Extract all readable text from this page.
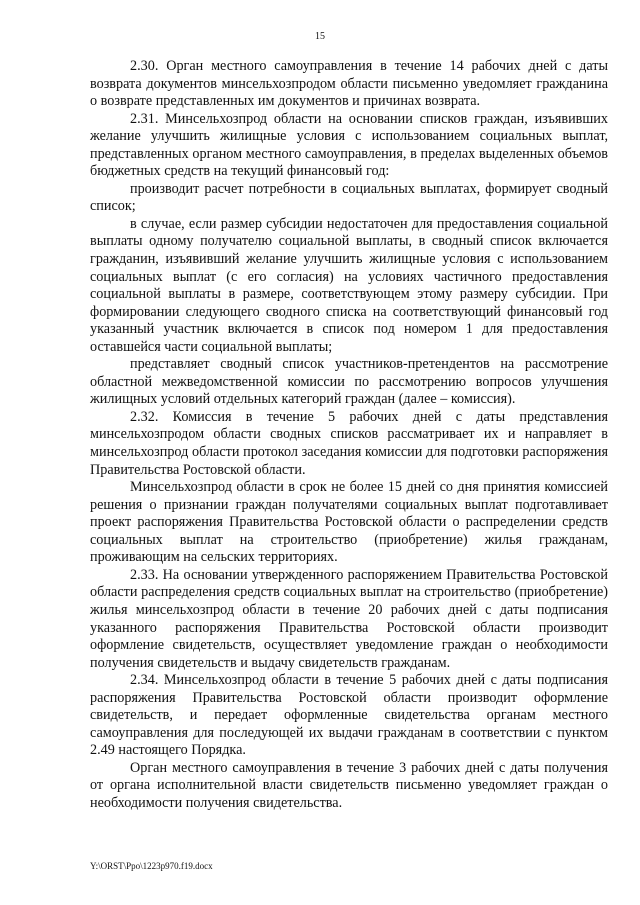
15

2.30. Орган местного самоуправления в течение 14 рабочих дней с даты возврата документов минсельхозпродом области письменно уведомляет гражданина о возврате представленных им документов и причинах возврата.

2.31. Минсельхозпрод области на основании списков граждан, изъявивших желание улучшить жилищные условия с использованием социальных выплат, представленных органом местного самоуправления, в пределах выделенных объемов бюджетных средств на текущий финансовый год:

производит расчет потребности в социальных выплатах, формирует сводный список;

в случае, если размер субсидии недостаточен для предоставления социальной выплаты одному получателю социальной выплаты, в сводный список включается гражданин, изъявивший желание улучшить жилищные условия с использованием социальных выплат (с его согласия) на условиях частичного предоставления социальной выплаты в размере, соответствующем этому размеру субсидии. При формировании следующего сводного списка на соответствующий финансовый год указанный участник включается в список под номером 1 для предоставления оставшейся части социальной выплаты;

представляет сводный список участников-претендентов на рассмотрение областной межведомственной комиссии по рассмотрению вопросов улучшения жилищных условий отдельных категорий граждан (далее – комиссия).

2.32. Комиссия в течение 5 рабочих дней с даты представления минсельхозпродом области сводных списков рассматривает их и направляет в минсельхозпрод области протокол заседания комиссии для подготовки распоряжения Правительства Ростовской области.

Минсельхозпрод области в срок не более 15 дней со дня принятия комиссией решения о признании граждан получателями социальных выплат подготавливает проект распоряжения Правительства Ростовской области о распределении средств социальных выплат на строительство (приобретение) жилья гражданам, проживающим на сельских территориях.

2.33. На основании утвержденного распоряжением Правительства Ростовской области распределения средств социальных выплат на строительство (приобретение) жилья минсельхозпрод области в течение 20 рабочих дней с даты подписания указанного распоряжения Правительства Ростовской области производит оформление свидетельств, осуществляет уведомление граждан о необходимости получения свидетельств и выдачу свидетельств гражданам.

2.34. Минсельхозпрод области в течение 5 рабочих дней с даты подписания распоряжения Правительства Ростовской области производит оформление свидетельств, и передает оформленные свидетельства органам местного самоуправления для последующей их выдачи гражданам в соответствии с пунктом 2.49 настоящего Порядка.

Орган местного самоуправления в течение 3 рабочих дней с даты получения от органа исполнительной власти свидетельств письменно уведомляет граждан о необходимости получения свидетельства.

Y:\ORST\Ppo\1223p970.f19.docx
